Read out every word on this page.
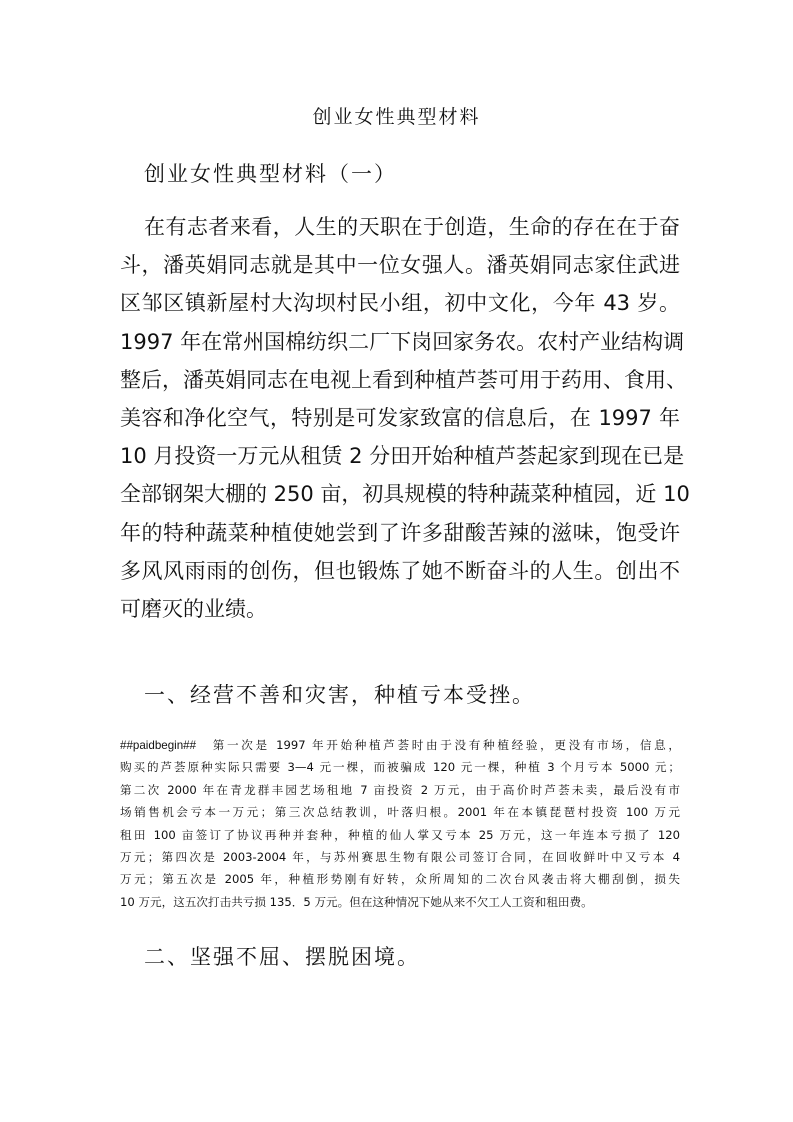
创业女性典型材料
创业女性典型材料（一）
在有志者来看，人生的天职在于创造，生命的存在在于奋
斗，潘英娟同志就是其中一位女强人。潘英娟同志家住武进
区邹区镇新屋村大沟坝村民小组，初中文化，今年 43 岁。
1997 年在常州国棉纺织二厂下岗回家务农。农村产业结构调
整后，潘英娟同志在电视上看到种植芦荟可用于药用、食用、
美容和净化空气，特别是可发家致富的信息后，在 1997 年
10 月投资一万元从租赁 2 分田开始种植芦荟起家到现在已是
全部钢架大棚的 250 亩，初具规模的特种蔬菜种植园，近 10
年的特种蔬菜种植使她尝到了许多甜酸苦辣的滋味，饱受许
多风风雨雨的创伤，但也锻炼了她不断奋斗的人生。创出不
可磨灭的业绩。
一、经营不善和灾害，种植亏本受挫。
##paidbegin## 第一次是 1997 年开始种植芦荟时由于没有种植经验，更没有市场，信息，
购买的芦荟原种实际只需要 3—4 元一棵，而被骗成 120 元一棵，种植 3 个月亏本 5000 元；
第二次 2000 年在青龙群丰园艺场租地 7 亩投资 2 万元，由于高价时芦荟未卖，最后没有市
场销售机会亏本一万元；第三次总结教训，叶落归根。2001 年在本镇琵琶村投资 100 万元
租田 100 亩签订了协议再种并套种，种植的仙人掌又亏本 25 万元，这一年连本亏损了 120
万元；第四次是 2003-2004 年，与苏州赛思生物有限公司签订合同，在回收鲜叶中又亏本 4
万元；第五次是 2005 年，种植形势刚有好转，众所周知的二次台风袭击将大棚刮倒，损失
10 万元，这五次打击共亏损 135．5 万元。但在这种情况下她从来不欠工人工资和租田费。
二、坚强不屈、摆脱困境。
